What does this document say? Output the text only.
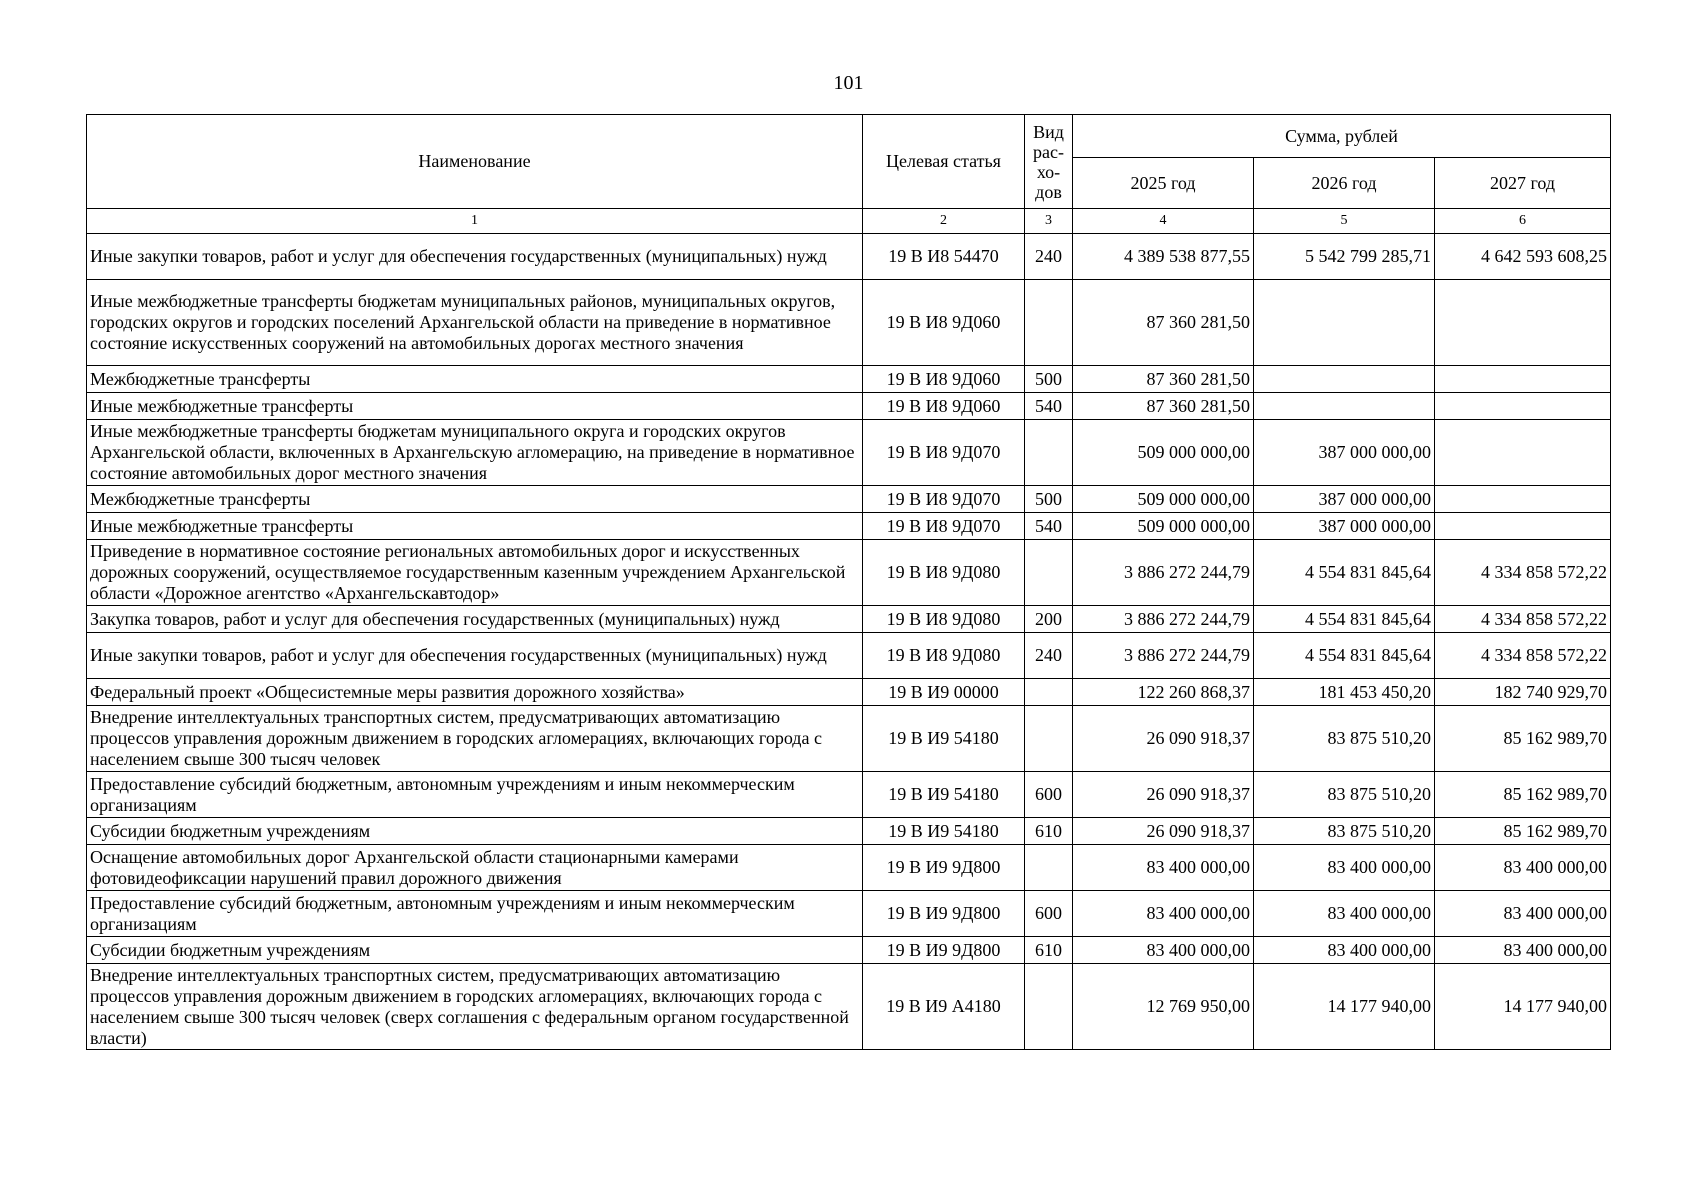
101
Наименование	Целевая статья	Вид
рас-
хо-
дов	Сумма, рублей		
			2025 год	2026 год	2027 год
1	2	3	4	5	6
Иные закупки товаров, работ и услуг для обеспечения государственных (муниципальных) нужд	19 В И8 54470	240	4 389 538 877,55	5 542 799 285,71	4 642 593 608,25
Иные межбюджетные трансферты бюджетам муниципальных районов, муниципальных округов, городских округов и городских поселений Архангельской области на приведение в нормативное состояние искусственных сооружений на автомобильных дорогах местного значения	19 В И8 9Д060		87 360 281,50		
Межбюджетные трансферты	19 В И8 9Д060	500	87 360 281,50		
Иные межбюджетные трансферты	19 В И8 9Д060	540	87 360 281,50		
Иные межбюджетные трансферты бюджетам муниципального округа и городских округов Архангельской области, включенных в Архангельскую агломерацию, на приведение в нормативное состояние автомобильных дорог местного значения	19 В И8 9Д070		509 000 000,00	387 000 000,00	
Межбюджетные трансферты	19 В И8 9Д070	500	509 000 000,00	387 000 000,00	
Иные межбюджетные трансферты	19 В И8 9Д070	540	509 000 000,00	387 000 000,00	
Приведение в нормативное состояние региональных автомобильных дорог и искусственных дорожных сооружений, осуществляемое государственным казенным учреждением Архангельской области «Дорожное агентство «Архангельскавтодор»	19 В И8 9Д080		3 886 272 244,79	4 554 831 845,64	4 334 858 572,22
Закупка товаров, работ и услуг для обеспечения государственных (муниципальных) нужд	19 В И8 9Д080	200	3 886 272 244,79	4 554 831 845,64	4 334 858 572,22
Иные закупки товаров, работ и услуг для обеспечения государственных (муниципальных) нужд	19 В И8 9Д080	240	3 886 272 244,79	4 554 831 845,64	4 334 858 572,22
Федеральный проект «Общесистемные меры развития дорожного хозяйства»	19 В И9 00000		122 260 868,37	181 453 450,20	182 740 929,70
Внедрение интеллектуальных транспортных систем, предусматривающих автоматизацию процессов управления дорожным движением в городских агломерациях, включающих города с населением свыше 300 тысяч человек	19 В И9 54180		26 090 918,37	83 875 510,20	85 162 989,70
Предоставление субсидий бюджетным, автономным учреждениям и иным некоммерческим организациям	19 В И9 54180	600	26 090 918,37	83 875 510,20	85 162 989,70
Субсидии бюджетным учреждениям	19 В И9 54180	610	26 090 918,37	83 875 510,20	85 162 989,70
Оснащение автомобильных дорог Архангельской области стационарными камерами фотовидеофиксации нарушений правил дорожного движения	19 В И9 9Д800		83 400 000,00	83 400 000,00	83 400 000,00
Предоставление субсидий бюджетным, автономным учреждениям и иным некоммерческим организациям	19 В И9 9Д800	600	83 400 000,00	83 400 000,00	83 400 000,00
Субсидии бюджетным учреждениям	19 В И9 9Д800	610	83 400 000,00	83 400 000,00	83 400 000,00
Внедрение интеллектуальных транспортных систем, предусматривающих автоматизацию процессов управления дорожным движением в городских агломерациях, включающих города с населением свыше 300 тысяч человек (сверх соглашения с федеральным органом государственной власти)	19 В И9 А4180		12 769 950,00	14 177 940,00	14 177 940,00
